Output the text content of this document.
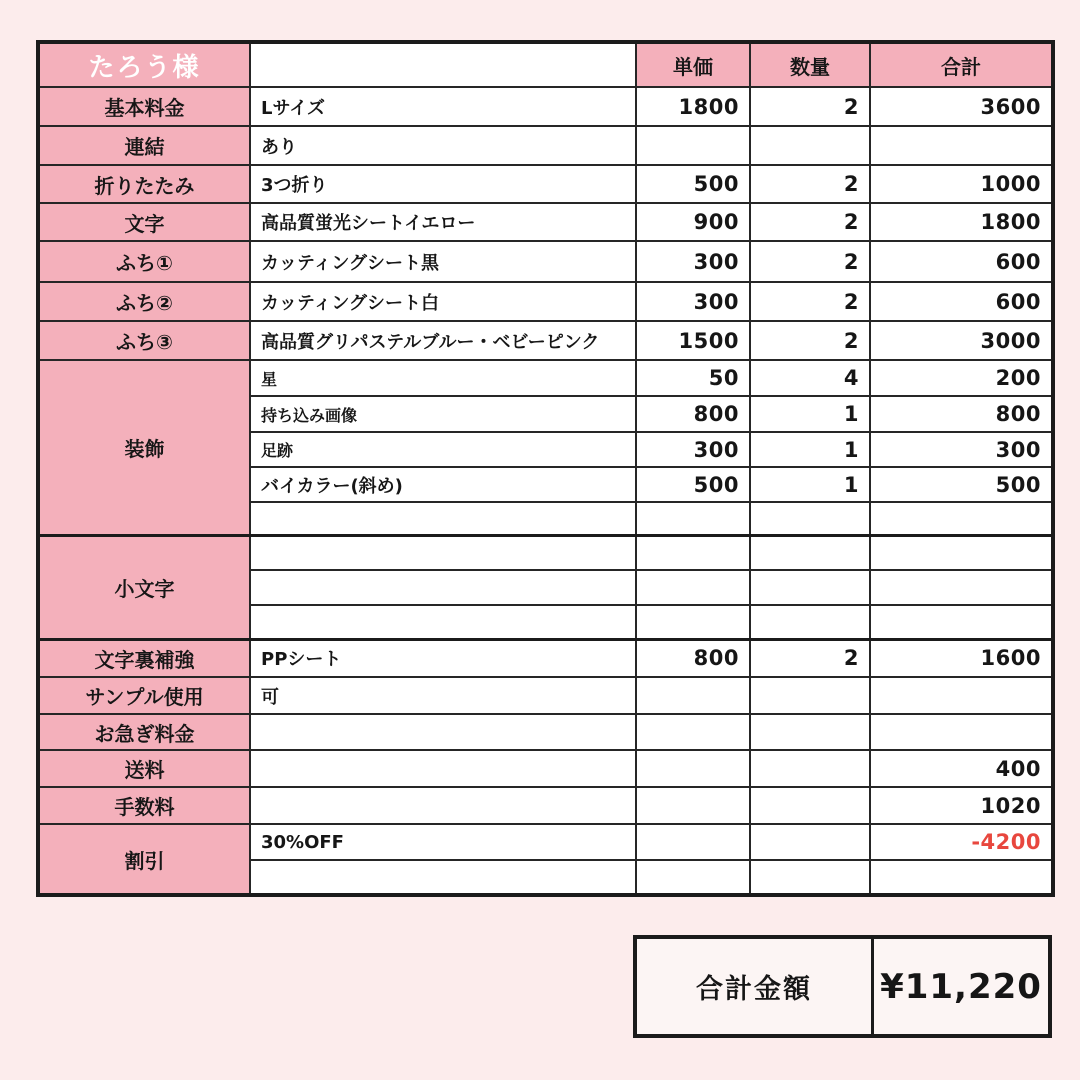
たろう様		単価	数量	合計
基本料金	Lサイズ	1800	2	3600
連結	あり			
折りたたみ	3つ折り	500	2	1000
文字	高品質蛍光シートイエロー	900	2	1800
ふち①	カッティングシート黒	300	2	600
ふち②	カッティングシート白	300	2	600
ふち③	高品質グリパステルブルー・ベビーピンク	1500	2	3000
装飾	星	50	4	200
	持ち込み画像	800	1	800
	足跡	300	1	300
	バイカラー(斜め)	500	1	500

小文字				

文字裏補強	PPシート	800	2	1600
サンプル使用	可			
お急ぎ料金				
送料				400
手数料				1020
割引	30%OFF			-4200

合計金額	¥11,220
